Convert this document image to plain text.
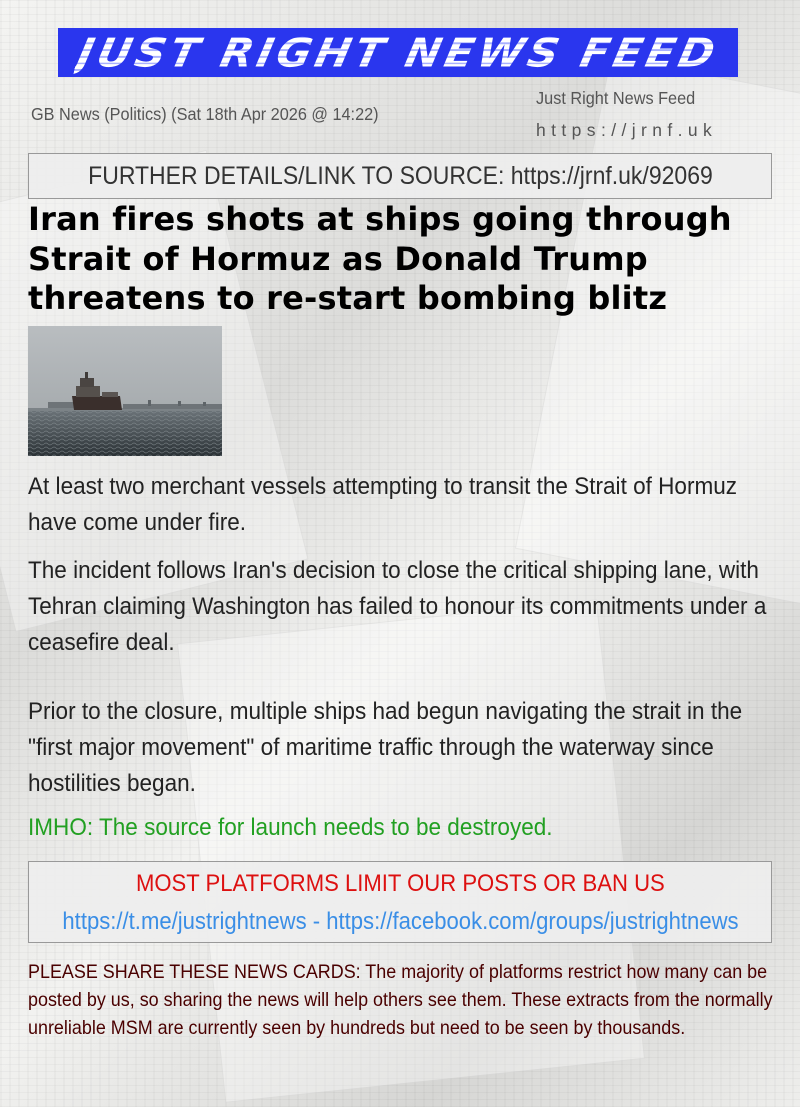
JUST RIGHT NEWS FEED
GB News (Politics) (Sat 18th Apr 2026 @ 14:22)
Just Right News Feed
https://jrnf.uk
FURTHER DETAILS/LINK TO SOURCE: https://jrnf.uk/92069
Iran fires shots at ships going through Strait of Hormuz as Donald Trump threatens to re-start bombing blitz

At least two merchant vessels attempting to transit the Strait of Hormuz have come under fire.

The incident follows Iran's decision to close the critical shipping lane, with Tehran claiming Washington has failed to honour its commitments under a ceasefire deal.

Prior to the closure, multiple ships had begun navigating the strait in the "first major movement" of maritime traffic through the waterway since hostilities began.

IMHO: The source for launch needs to be destroyed.
MOST PLATFORMS LIMIT OUR POSTS OR BAN US
https://t.me/justrightnews - https://facebook.com/groups/justrightnews

PLEASE SHARE THESE NEWS CARDS: The majority of platforms restrict how many can be posted by us, so sharing the news will help others see them. These extracts from the normally unreliable MSM are currently seen by hundreds but need to be seen by thousands.
